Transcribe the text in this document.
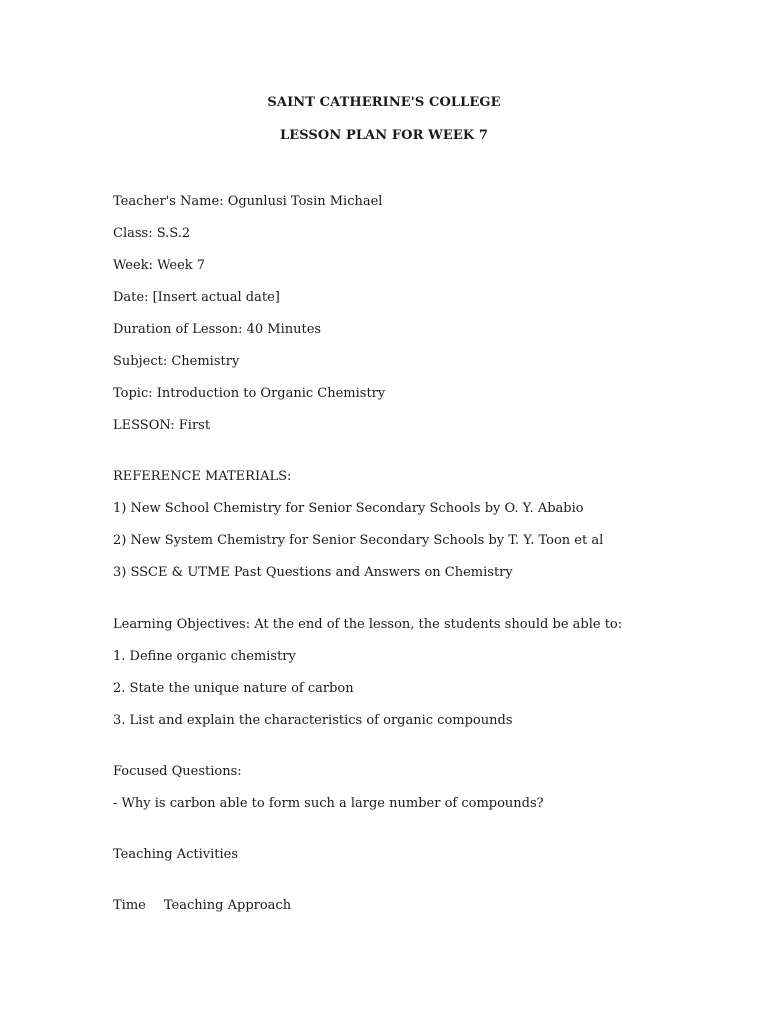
SAINT CATHERINE'S COLLEGE
LESSON PLAN FOR WEEK 7
Teacher's Name: Ogunlusi Tosin Michael
Class: S.S.2
Week: Week 7
Date: [Insert actual date]
Duration of Lesson: 40 Minutes
Subject: Chemistry
Topic: Introduction to Organic Chemistry
LESSON: First
REFERENCE MATERIALS:
1) New School Chemistry for Senior Secondary Schools by O. Y. Ababio
2) New System Chemistry for Senior Secondary Schools by T. Y. Toon et al
3) SSCE & UTME Past Questions and Answers on Chemistry
Learning Objectives: At the end of the lesson, the students should be able to:
1. Define organic chemistry
2. State the unique nature of carbon
3. List and explain the characteristics of organic compounds
Focused Questions:
- Why is carbon able to form such a large number of compounds?
Teaching Activities
Time Teaching Approach
